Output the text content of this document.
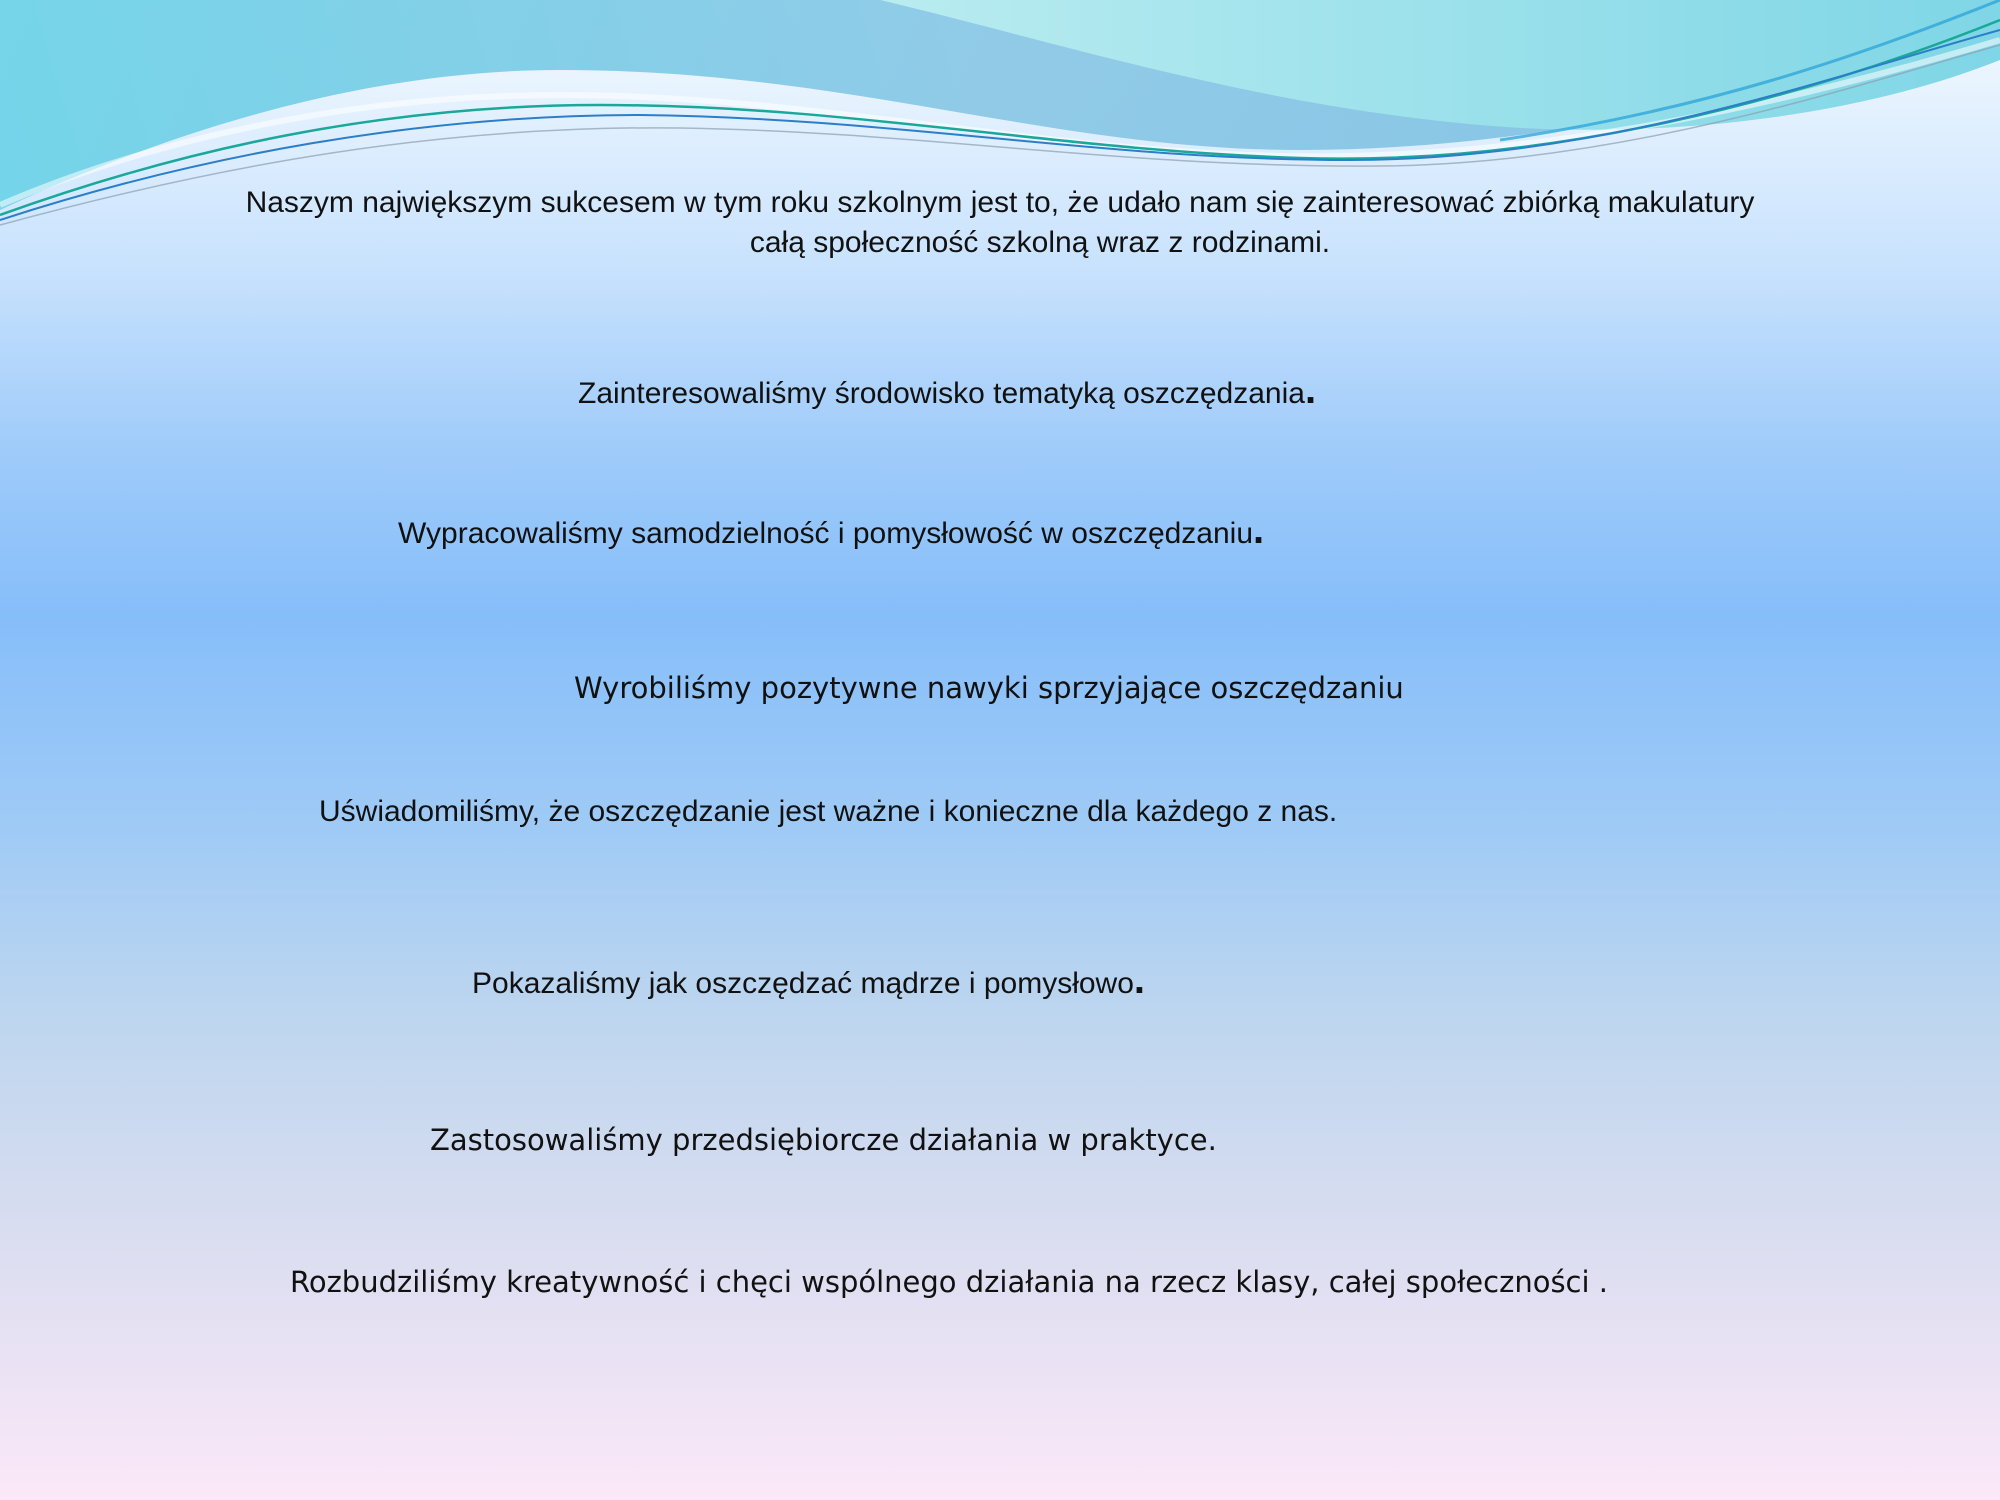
Naszym największym sukcesem w tym roku szkolnym jest to, że udało nam się zainteresować zbiórką makulatury
całą społeczność szkolną wraz z rodzinami.
Zainteresowaliśmy środowisko tematyką oszczędzania.
Wypracowaliśmy samodzielność i pomysłowość w oszczędzaniu.
Wyrobiliśmy pozytywne nawyki sprzyjające oszczędzaniu
Uświadomiliśmy, że oszczędzanie jest ważne i konieczne dla każdego z nas.
Pokazaliśmy jak oszczędzać mądrze i pomysłowo.
Zastosowaliśmy przedsiębiorcze działania w praktyce.
Rozbudziliśmy kreatywność i chęci wspólnego działania na rzecz klasy, całej społeczności .
